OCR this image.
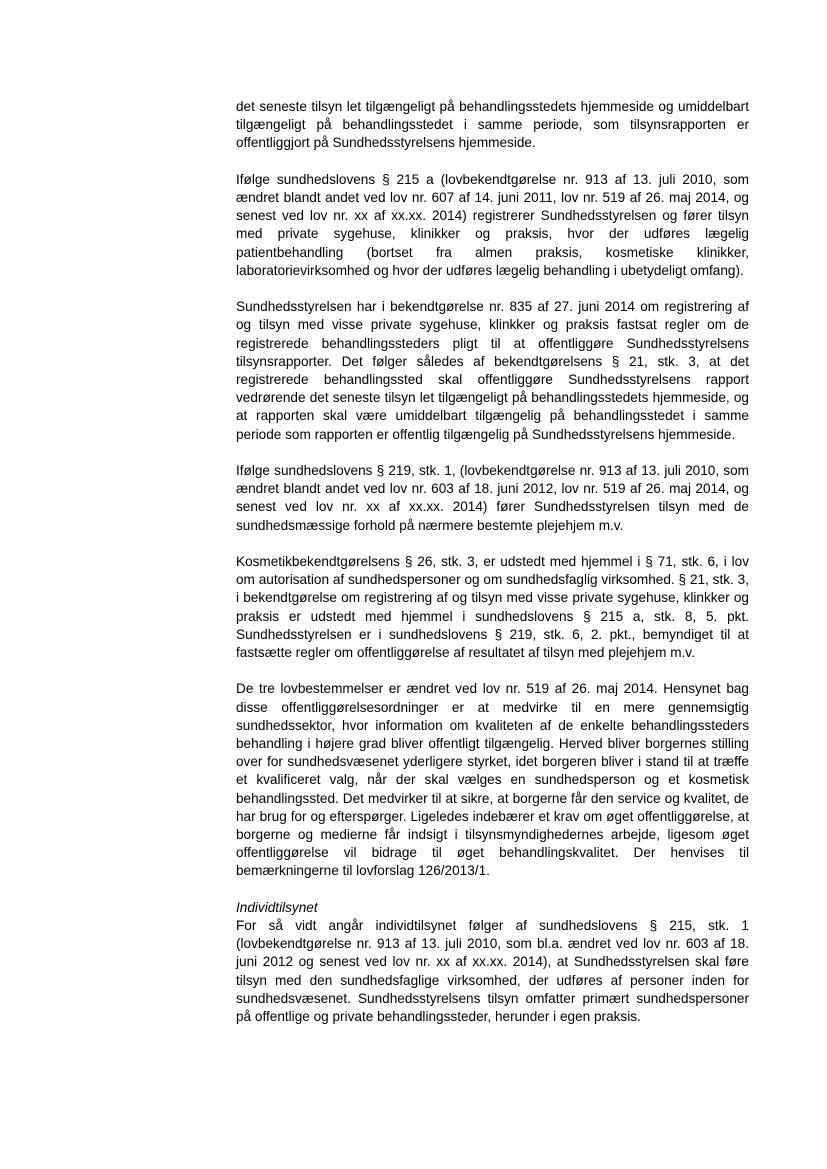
det seneste tilsyn let tilgængeligt på behandlingsstedets hjemmeside og umiddelbart tilgængeligt på behandlingsstedet i samme periode, som tilsynsrapporten er offentliggjort på Sundhedsstyrelsens hjemmeside.

Ifølge sundhedslovens § 215 a (lovbekendtgørelse nr. 913 af 13. juli 2010, som ændret blandt andet ved lov nr. 607 af 14. juni 2011, lov nr. 519 af 26. maj 2014, og senest ved lov nr. xx af xx.xx. 2014) registrerer Sundhedsstyrelsen og fører tilsyn med private sygehuse, klinikker og praksis, hvor der udføres lægelig patientbehandling (bortset fra almen praksis, kosmetiske klinikker, laboratorievirksomhed og hvor der udføres lægelig behandling i ubetydeligt omfang).

Sundhedsstyrelsen har i bekendtgørelse nr. 835 af 27. juni 2014 om registrering af og tilsyn med visse private sygehuse, klinkker og praksis fastsat regler om de registrerede behandlingssteders pligt til at offentliggøre Sundhedsstyrelsens tilsynsrapporter. Det følger således af bekendtgørelsens § 21, stk. 3, at det registrerede behandlingssted skal offentliggøre Sundhedsstyrelsens rapport vedrørende det seneste tilsyn let tilgængeligt på behandlingsstedets hjemmeside, og at rapporten skal være umiddelbart tilgængelig på behandlingsstedet i samme periode som rapporten er offentlig tilgængelig på Sundhedsstyrelsens hjemmeside.

Ifølge sundhedslovens § 219, stk. 1, (lovbekendtgørelse nr. 913 af 13. juli 2010, som ændret blandt andet ved lov nr. 603 af 18. juni 2012, lov nr. 519 af 26. maj 2014, og senest ved lov nr. xx af xx.xx. 2014) fører Sundhedsstyrelsen tilsyn med de sundhedsmæssige forhold på nærmere bestemte plejehjem m.v.

Kosmetikbekendtgørelsens § 26, stk. 3, er udstedt med hjemmel i § 71, stk. 6, i lov om autorisation af sundhedspersoner og om sundhedsfaglig virksomhed. § 21, stk. 3, i bekendtgørelse om registrering af og tilsyn med visse private sygehuse, klinkker og praksis er udstedt med hjemmel i sundhedslovens § 215 a, stk. 8, 5. pkt. Sundhedsstyrelsen er i sundhedslovens § 219, stk. 6, 2. pkt., bemyndiget til at fastsætte regler om offentliggørelse af resultatet af tilsyn med plejehjem m.v.

De tre lovbestemmelser er ændret ved lov nr. 519 af 26. maj 2014. Hensynet bag disse offentliggørelsesordninger er at medvirke til en mere gennemsigtig sundhedssektor, hvor information om kvaliteten af de enkelte behandlingssteders behandling i højere grad bliver offentligt tilgængelig. Herved bliver borgernes stilling over for sundhedsvæsenet yderligere styrket, idet borgeren bliver i stand til at træffe et kvalificeret valg, når der skal vælges en sundhedsperson og et kosmetisk behandlingssted. Det medvirker til at sikre, at borgerne får den service og kvalitet, de har brug for og efterspørger. Ligeledes indebærer et krav om øget offentliggørelse, at borgerne og medierne får indsigt i tilsynsmyndighedernes arbejde, ligesom øget offentliggørelse vil bidrage til øget behandlingskvalitet. Der henvises til bemærkningerne til lovforslag 126/2013/1.

Individtilsynet

For så vidt angår individtilsynet følger af sundhedslovens § 215, stk. 1 (lovbekendtgørelse nr. 913 af 13. juli 2010, som bl.a. ændret ved lov nr. 603 af 18. juni 2012 og senest ved lov nr. xx af xx.xx. 2014), at Sundhedsstyrelsen skal føre tilsyn med den sundhedsfaglige virksomhed, der udføres af personer inden for sundhedsvæsenet. Sundhedsstyrelsens tilsyn omfatter primært sundhedspersoner på offentlige og private behandlingssteder, herunder i egen praksis.
